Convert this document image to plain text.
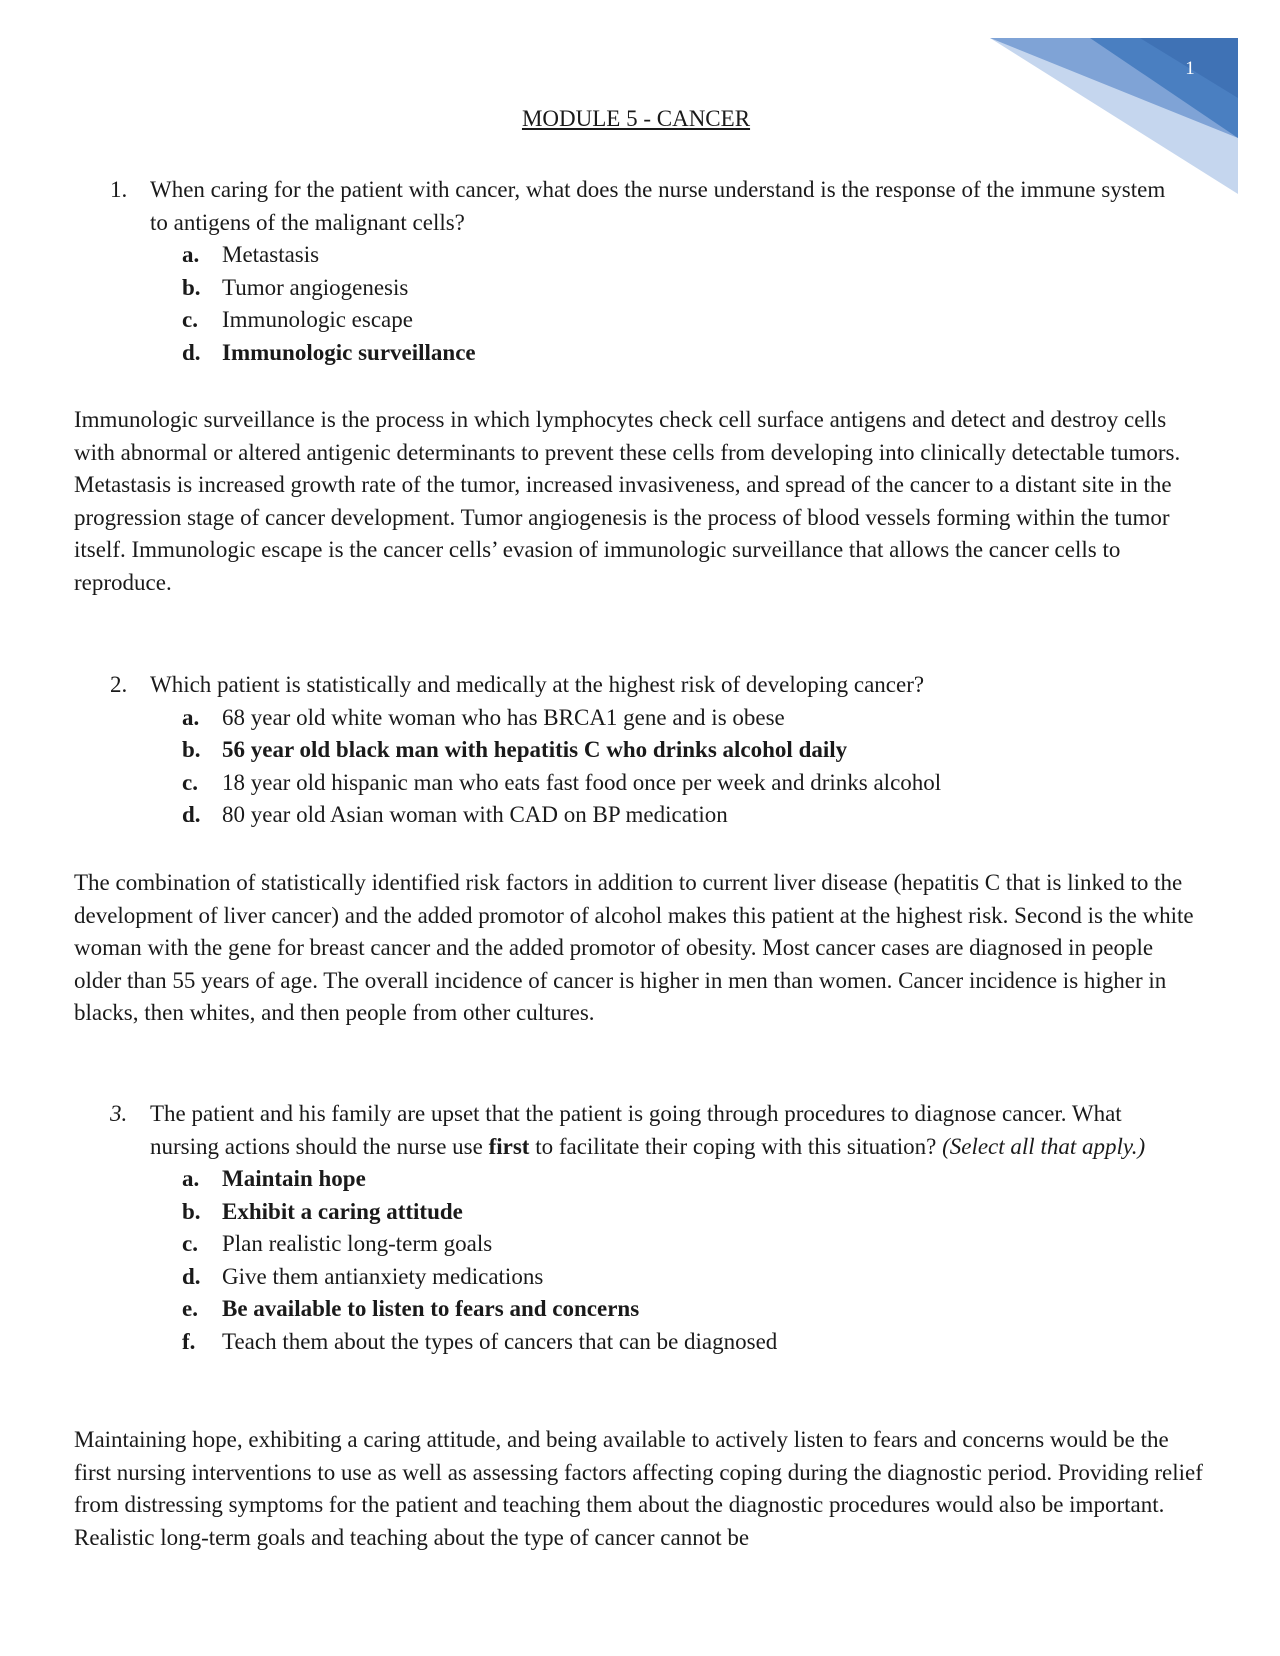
1
MODULE 5 - CANCER
1. When caring for the patient with cancer, what does the nurse understand is the response of the immune system to antigens of the malignant cells?
a. Metastasis
b. Tumor angiogenesis
c. Immunologic escape
d. Immunologic surveillance

Immunologic surveillance is the process in which lymphocytes check cell surface antigens and detect and destroy cells with abnormal or altered antigenic determinants to prevent these cells from developing into clinically detectable tumors. Metastasis is increased growth rate of the tumor, increased invasiveness, and spread of the cancer to a distant site in the progression stage of cancer development. Tumor angiogenesis is the process of blood vessels forming within the tumor itself. Immunologic escape is the cancer cells’ evasion of immunologic surveillance that allows the cancer cells to reproduce.

2. Which patient is statistically and medically at the highest risk of developing cancer?
a. 68 year old white woman who has BRCA1 gene and is obese
b. 56 year old black man with hepatitis C who drinks alcohol daily
c. 18 year old hispanic man who eats fast food once per week and drinks alcohol
d. 80 year old Asian woman with CAD on BP medication

The combination of statistically identified risk factors in addition to current liver disease (hepatitis C that is linked to the development of liver cancer) and the added promotor of alcohol makes this patient at the highest risk. Second is the white woman with the gene for breast cancer and the added promotor of obesity. Most cancer cases are diagnosed in people older than 55 years of age. The overall incidence of cancer is higher in men than women. Cancer incidence is higher in blacks, then whites, and then people from other cultures.

3. The patient and his family are upset that the patient is going through procedures to diagnose cancer. What nursing actions should the nurse use first to facilitate their coping with this situation? (Select all that apply.)
a. Maintain hope
b. Exhibit a caring attitude
c. Plan realistic long-term goals
d. Give them antianxiety medications
e. Be available to listen to fears and concerns
f. Teach them about the types of cancers that can be diagnosed

Maintaining hope, exhibiting a caring attitude, and being available to actively listen to fears and concerns would be the first nursing interventions to use as well as assessing factors affecting coping during the diagnostic period. Providing relief from distressing symptoms for the patient and teaching them about the diagnostic procedures would also be important. Realistic long-term goals and teaching about the type of cancer cannot be
